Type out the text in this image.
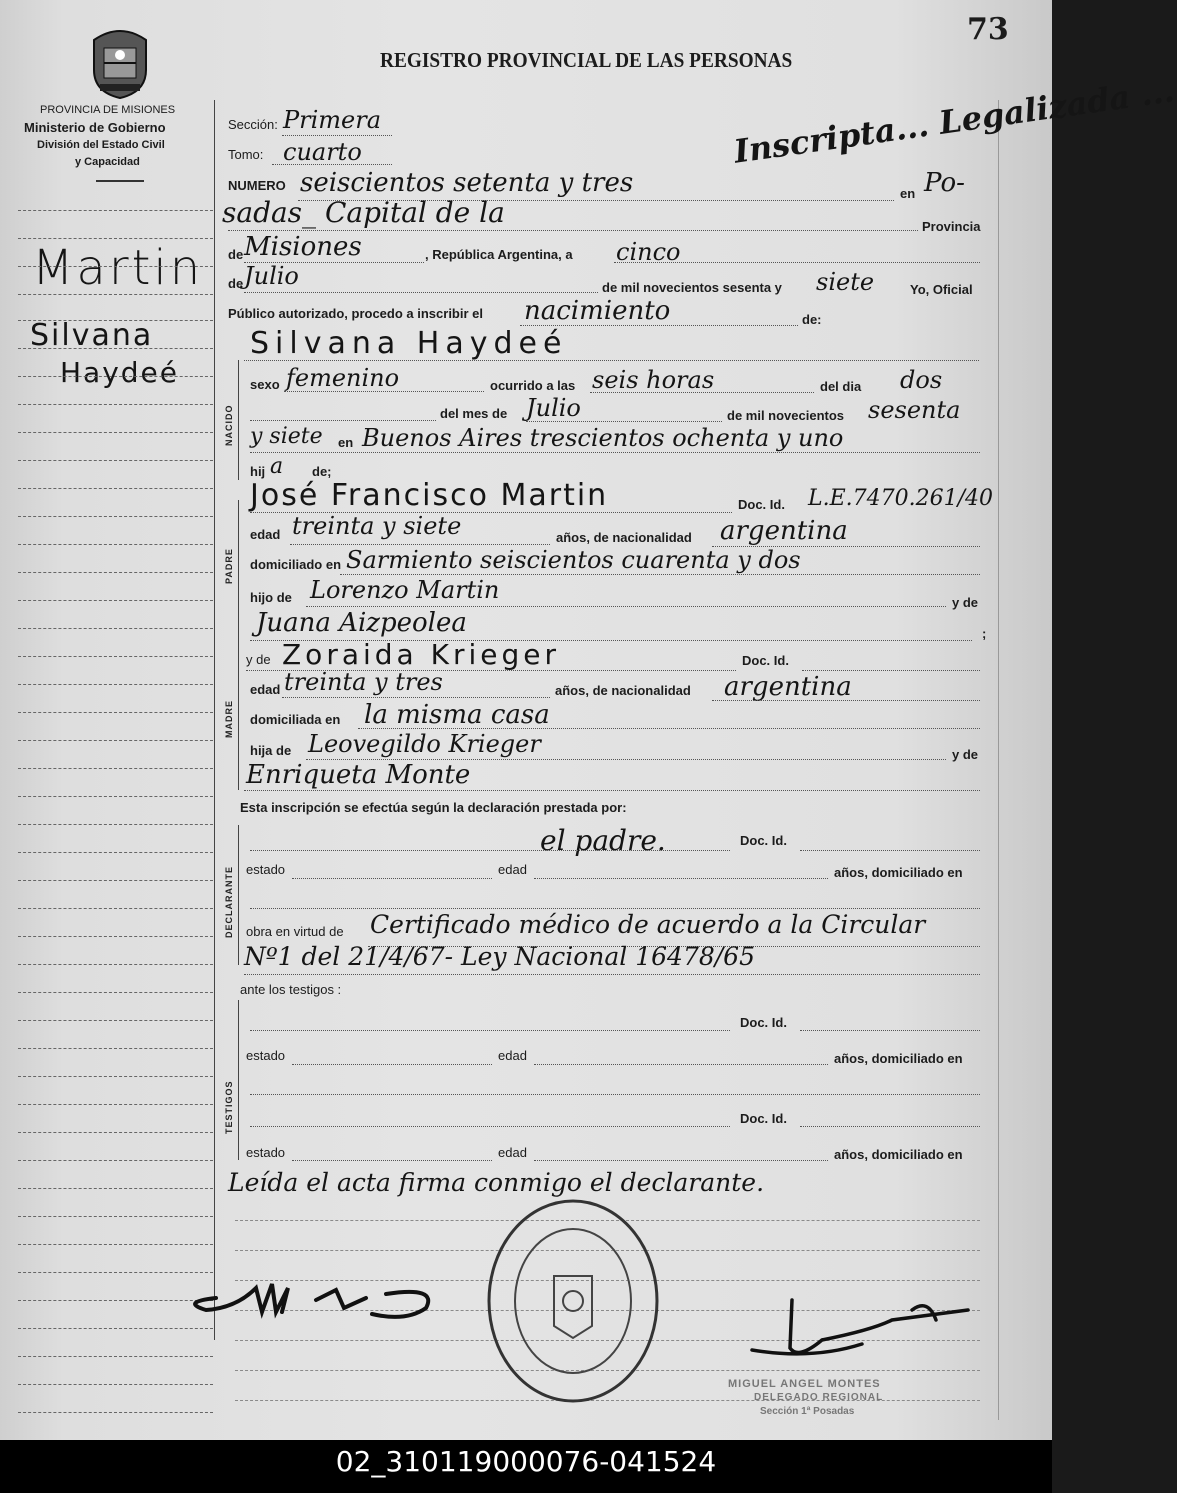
73
PROVINCIA DE MISIONES
Ministerio de Gobierno
División del Estado Civil
y Capacidad
REGISTRO PROVINCIAL DE LAS PERSONAS
Martin
Silvana
Haydeé
NACIDO
PADRE
MADRE
DECLARANTE
TESTIGOS
Sección: Primera
Tomo: cuarto	Inscripta... Legalizada ...
NUMERO seiscientos setenta y tres	en Po-
sadas_ Capital de la	Provincia
de Misiones	, República Argentina, a cinco
de Julio	de mil novecientos sesenta y siete	Yo, Oficial
Público autorizado, procedo a inscribir el nacimiento	de:
Silvana Haydeé
sexo femenino	ocurrido a las seis horas	del dia dos
del mes de Julio	de mil novecientos sesenta
y siete en Buenos Aires trescientos ochenta y uno
hij a de;
José Francisco Martin	Doc. Id. L.E.7470.261/40
edad treinta y siete	años, de nacionalidad argentina
domiciliado en Sarmiento seiscientos cuarenta y dos
hijo de Lorenzo Martin	y de
Juana Aizpeolea	;
y de Zoraida Krieger	Doc. Id.
edad treinta y tres	años, de nacionalidad argentina
domiciliada en la misma casa
hija de Leovegildo Krieger	y de
Enriqueta Monte
Esta inscripción se efectúa según la declaración prestada por:
el padre.	Doc. Id.
estado	edad	años, domiciliado en
obra en virtud de Certificado médico de acuerdo a la Circular
Nº1 del 21/4/67- Ley Nacional 16478/65
ante los testigos :
Doc. Id.
estado	edad	años, domiciliado en
Doc. Id.
estado	edad	años, domiciliado en
Leída el acta firma conmigo el declarante.
MIGUEL ANGEL MONTES
DELEGADO REGIONAL
Sección 1ª Posadas
02_310119000076-041524
